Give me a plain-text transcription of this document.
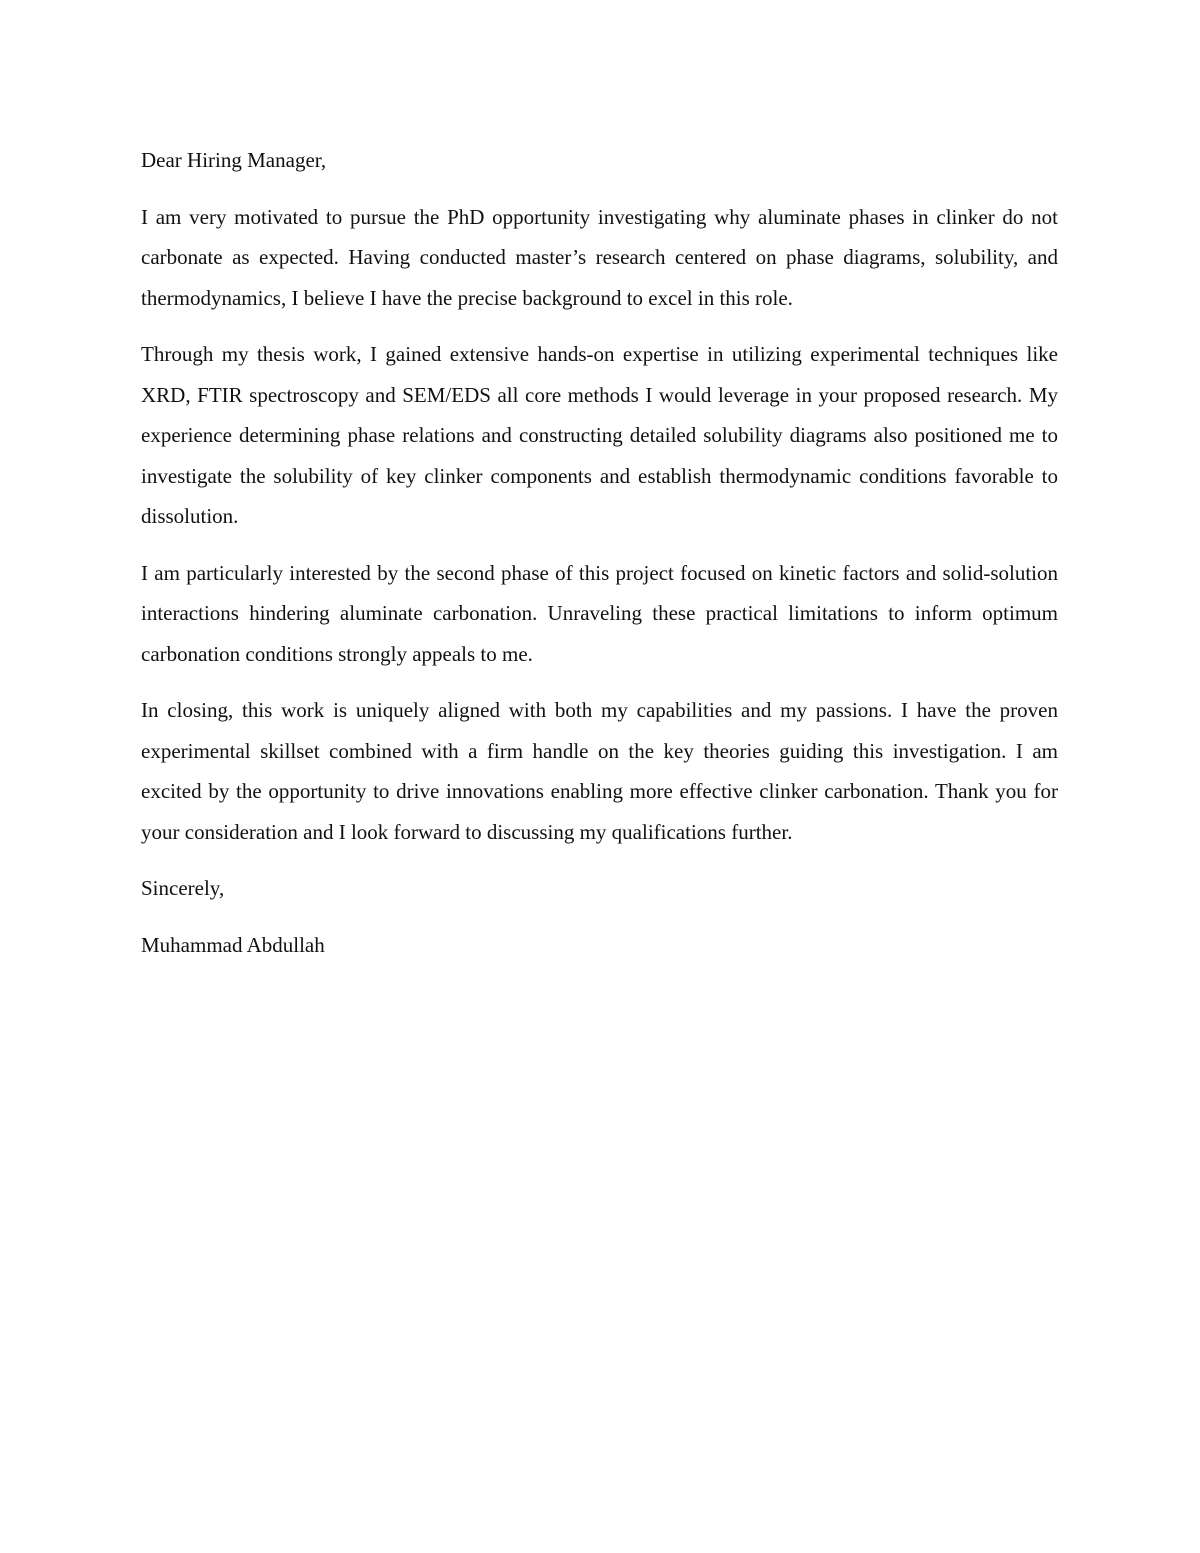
Dear Hiring Manager,

I am very motivated to pursue the PhD opportunity investigating why aluminate phases in clinker do not carbonate as expected. Having conducted master’s research centered on phase diagrams, solubility, and thermodynamics, I believe I have the precise background to excel in this role.

Through my thesis work, I gained extensive hands-on expertise in utilizing experimental techniques like XRD, FTIR spectroscopy and SEM/EDS all core methods I would leverage in your proposed research. My experience determining phase relations and constructing detailed solubility diagrams also positioned me to investigate the solubility of key clinker components and establish thermodynamic conditions favorable to dissolution.

I am particularly interested by the second phase of this project focused on kinetic factors and solid-solution interactions hindering aluminate carbonation. Unraveling these practical limitations to inform optimum carbonation conditions strongly appeals to me.

In closing, this work is uniquely aligned with both my capabilities and my passions. I have the proven experimental skillset combined with a firm handle on the key theories guiding this investigation. I am excited by the opportunity to drive innovations enabling more effective clinker carbonation. Thank you for your consideration and I look forward to discussing my qualifications further.

Sincerely,

Muhammad Abdullah
